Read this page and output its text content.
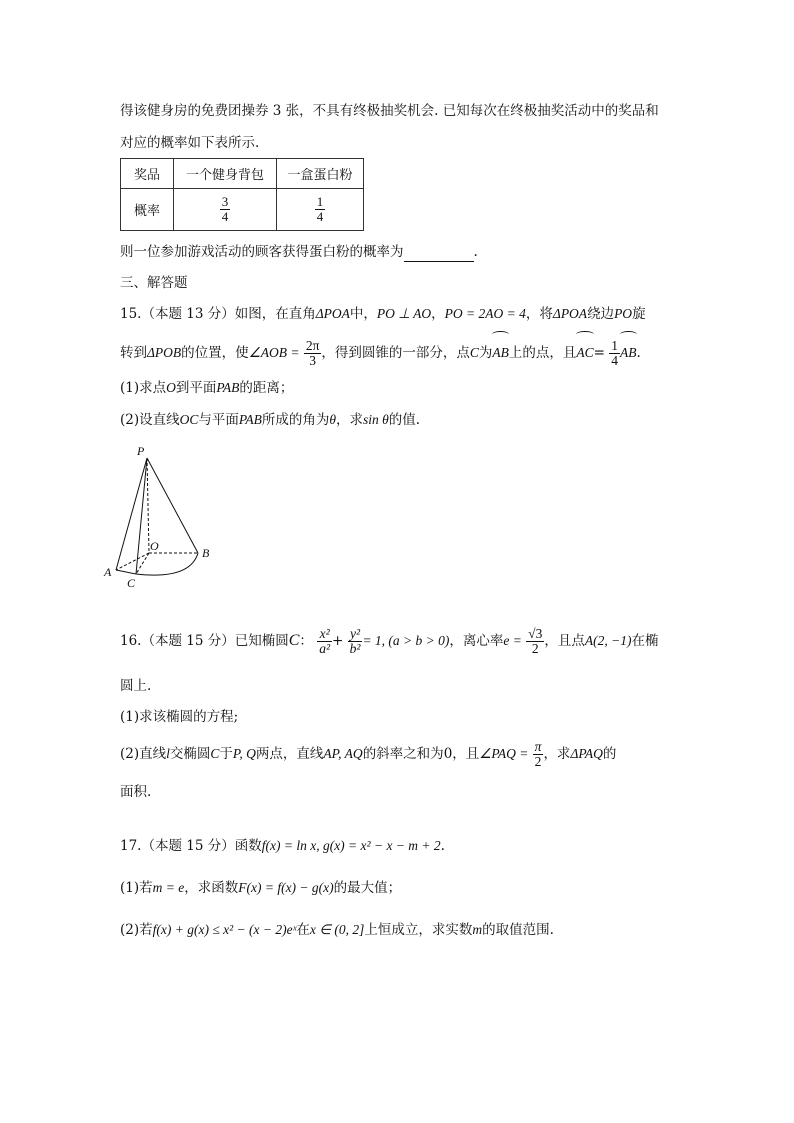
得该健身房的免费团操券 3 张，不具有终极抽奖机会. 已知每次在终极抽奖活动中的奖品和
对应的概率如下表所示.
奖品	一个健身背包	一盒蛋白粉
概率	$\frac{3}{4}$	$\frac{1}{4}$
则一位参加游戏活动的顾客获得蛋白粉的概率为	.
三、解答题
15.（本题 13 分）如图，在直角ΔPOA中，PO ⊥ AO，PO = 2AO = 4，将ΔPOA绕边PO旋
转到ΔPOB的位置，使∠AOB = $\frac{2\pi}{3}$ ，得到圆锥的一部分，点C为AB上的点，且$AC= \frac{1}{4}$ AB.
(1)求点O到平面PAB的距离；
(2)设直线OC与平面PAB所成的角为θ，求sin θ的值.
P
O	B
A
C
16.（本题 15 分）已知椭圆C： $\frac{\text{x²}}{\text{a²}} + \frac{\text{y²}}{\text{b²}} = 1$, (a > b > 0)，离心率$e = \frac{√3}{2}$ ，且点A(2, −1)在椭
圆上.
(1)求该椭圆的方程;
(2)直线l交椭圆C于P, Q两点，直线AP, AQ的斜率之和为0，且∠PAQ = $\frac{\pi}{2}$ ，求ΔPAQ的
面积.
17.（本题 15 分）函数f(x) = ln x, g(x) = x² − x − m + 2.
(1)若m = e，求函数F(x) = f(x) − g(x)的最大值；
(2)若f(x) + g(x) ≤ x² − (x − 2)eˣ在x ∈ (0, 2]上恒成立，求实数m的取值范围.
